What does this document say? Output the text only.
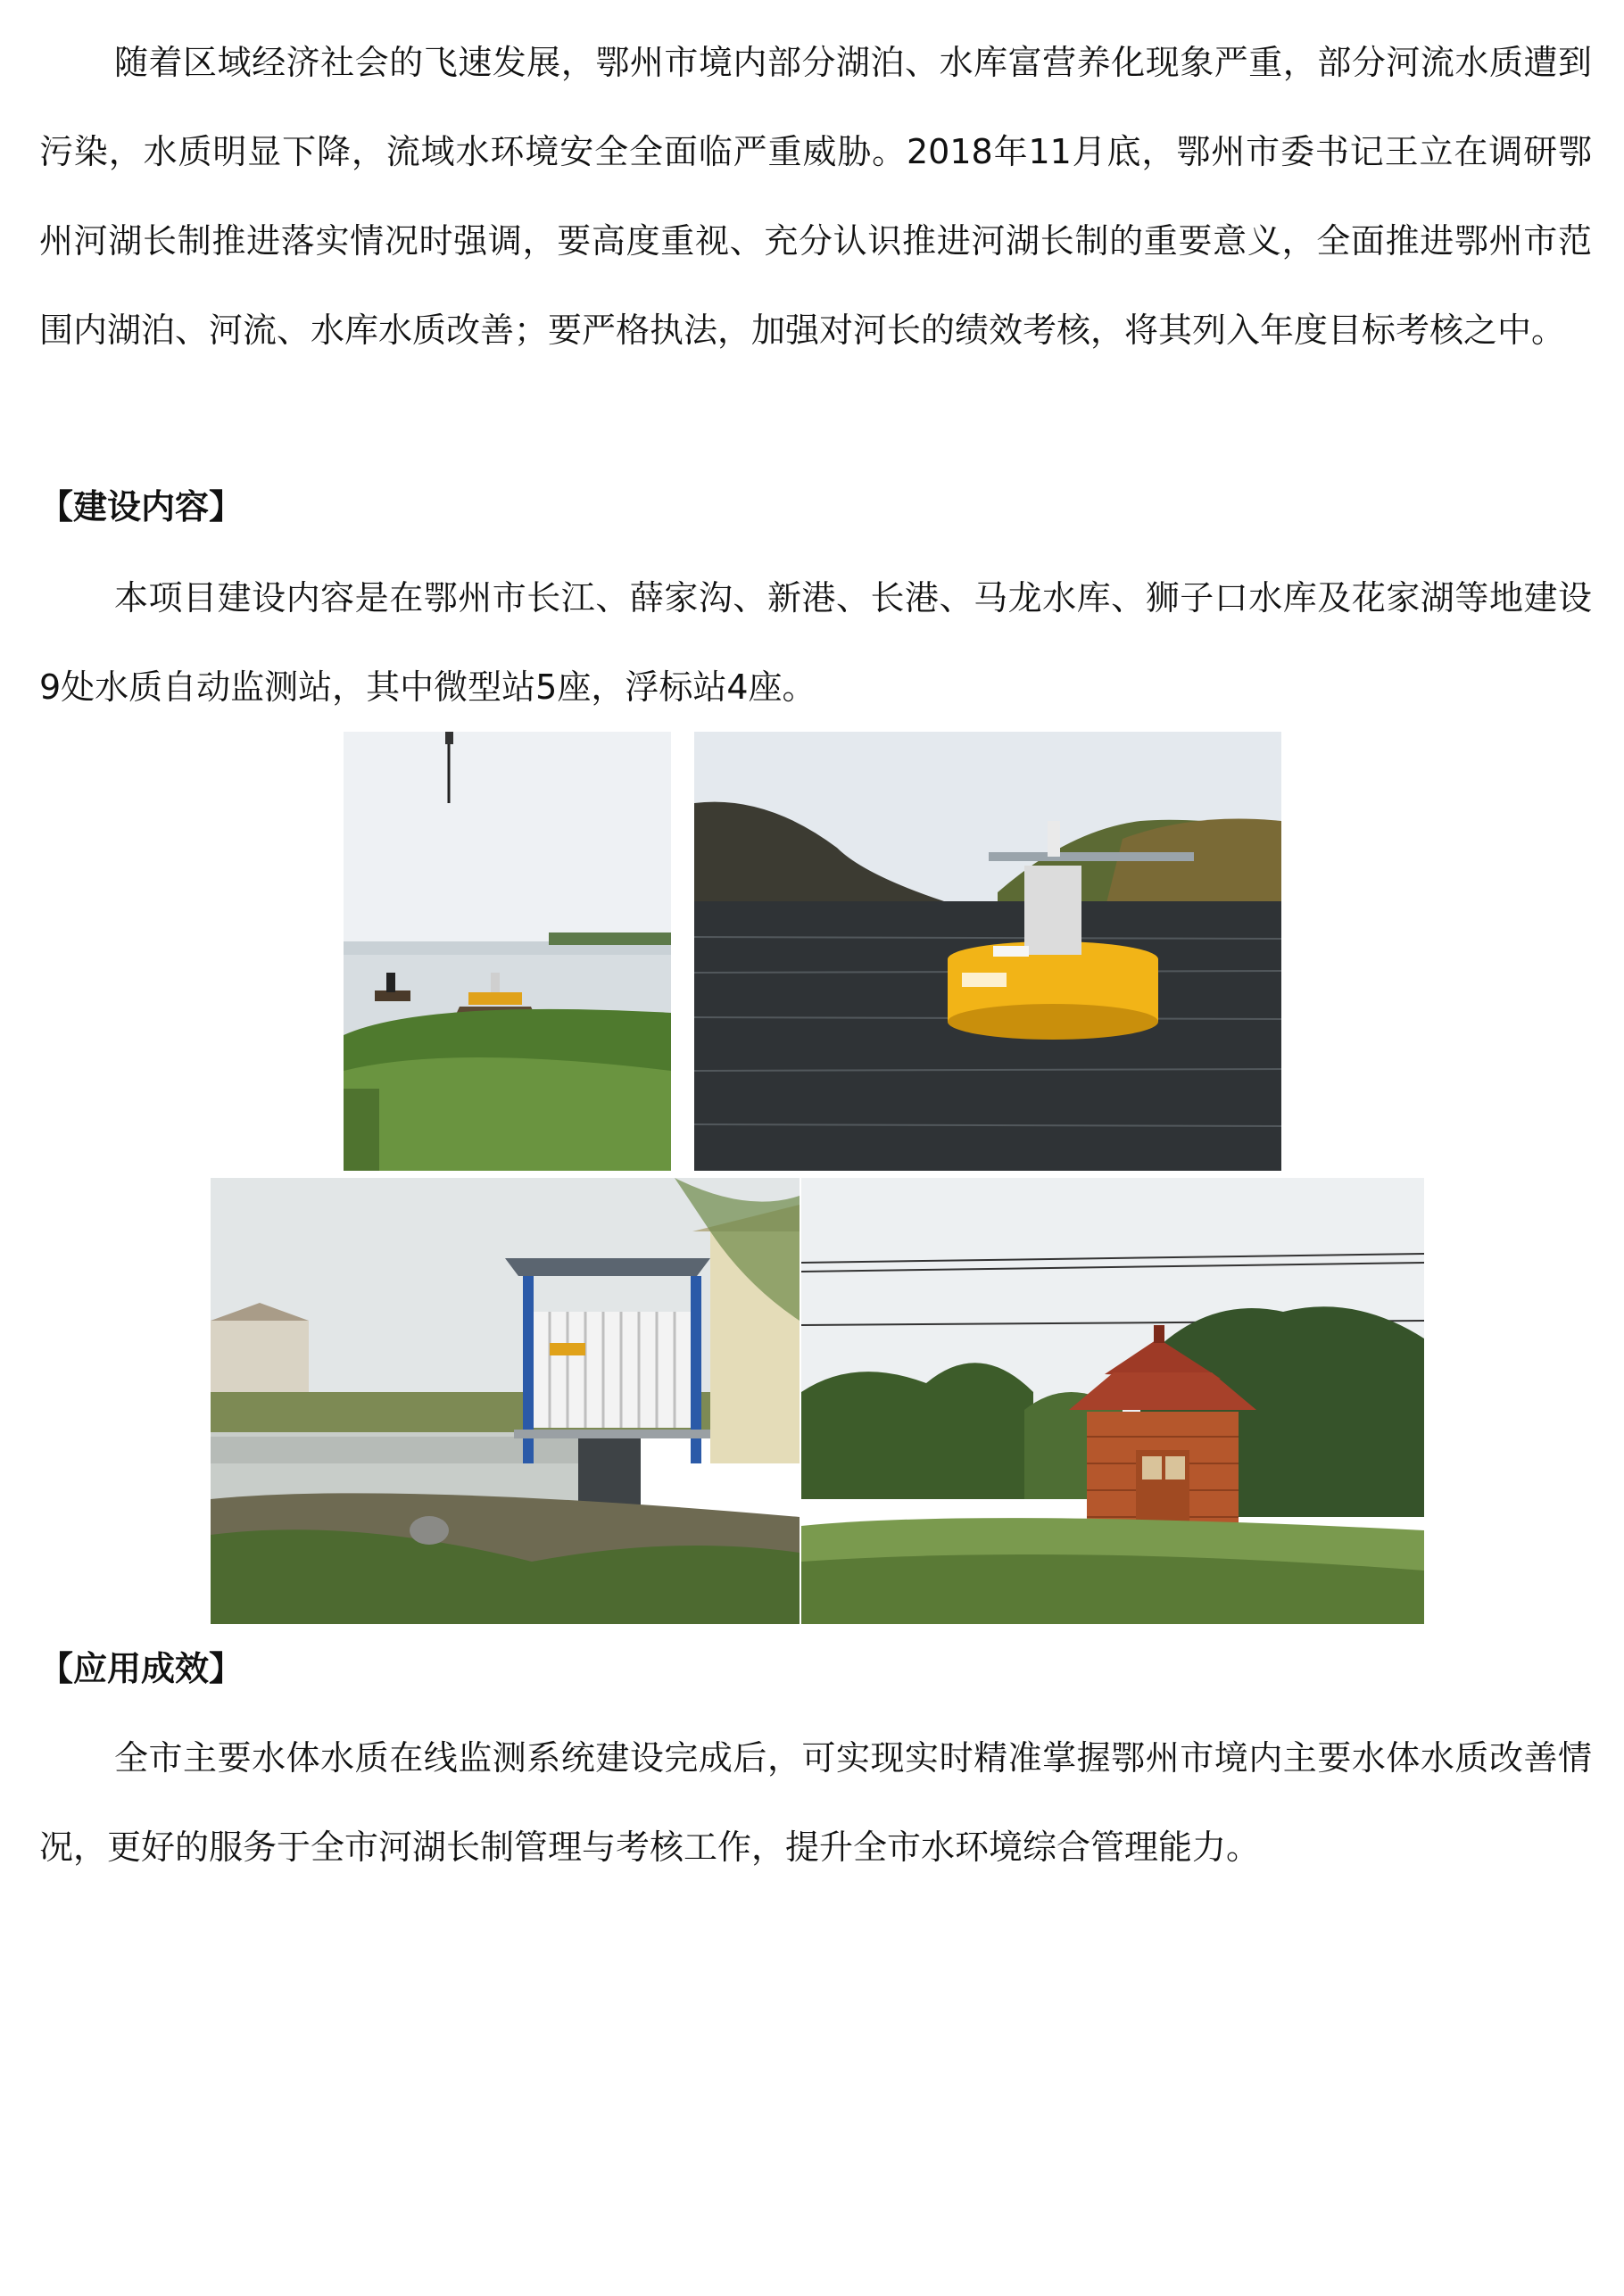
随着区域经济社会的飞速发展，鄂州市境内部分湖泊、水库富营养化现象严重，部分河流水质遭到污染，水质明显下降，流域水环境安全全面临严重威胁。2018年11月底，鄂州市委书记王立在调研鄂州河湖长制推进落实情况时强调，要高度重视、充分认识推进河湖长制的重要意义，全面推进鄂州市范围内湖泊、河流、水库水质改善；要严格执法，加强对河长的绩效考核，将其列入年度目标考核之中。

【建设内容】

本项目建设内容是在鄂州市长江、薛家沟、新港、长港、马龙水库、狮子口水库及花家湖等地建设9处水质自动监测站，其中微型站5座，浮标站4座。

【应用成效】

全市主要水体水质在线监测系统建设完成后，可实现实时精准掌握鄂州市境内主要水体水质改善情况，更好的服务于全市河湖长制管理与考核工作，提升全市水环境综合管理能力。
